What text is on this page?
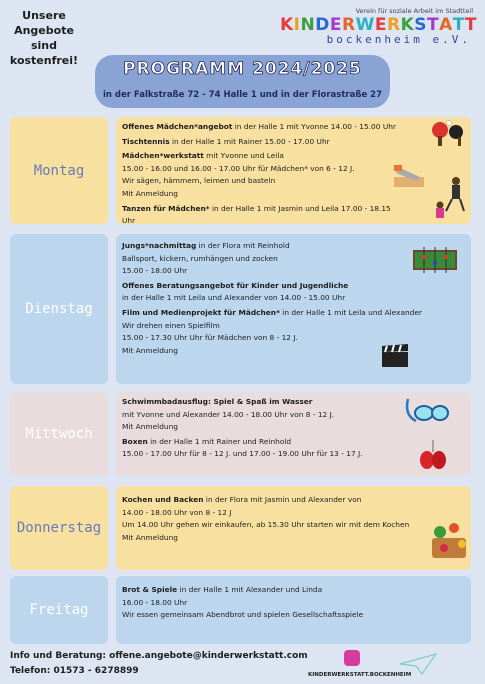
Unsere Angebote sind kostenfrei!
Verein für soziale Arbeit im Stadtteil
KINDERWERKSTATT
bockenheim e.V.
PROGRAMM 2024/2025
in der Falkstraße 72 - 74 Halle 1 und in der Florastraße 27
Montag
Offenes Mädchen*angebot in der Halle 1 mit Yvonne 14.00 - 15.00 Uhr
Tischtennis in der Halle 1 mit Rainer 15.00 - 17.00 Uhr
Mädchen*werkstatt mit Yvonne und Leila
15.00 - 16.00 und 16.00 - 17.00 Uhr für Mädchen* von 6 - 12 J.
Wir sägen, hämmern, leimen und basteln
Mit Anmeldung
Tanzen für Mädchen* in der Halle 1 mit Jasmin und Leila 17.00 - 18.15 Uhr
Dienstag
Jungs*nachmittag in der Flora mit Reinhold
Ballsport, kickern, rumhängen und zocken
15.00 - 18.00 Uhr
Offenes Beratungsangebot für Kinder und Jugendliche
in der Halle 1 mit Leila und Alexander von 14.00 - 15.00 Uhr
Film und Medienprojekt für Mädchen* in der Halle 1 mit Leila und Alexander
Wir drehen einen Spielfilm
15.00 - 17.30 Uhr Uhr für Mädchen von 8 - 12 J.
Mit Anmeldung
Mittwoch
Schwimmbadausflug: Spiel & Spaß im Wasser
mit Yvonne und Alexander 14.00 - 18.00 Uhr von 8 - 12 J.
Mit Anmeldung
Boxen in der Halle 1 mit Rainer und Reinhold
15.00 - 17.00 Uhr für 8 - 12 J. und 17.00 - 19.00 Uhr für 13 - 17 J.
Donnerstag
Kochen und Backen in der Flora mit Jasmin und Alexander von
14.00 - 18.00 Uhr von 8 - 12 J
Um 14.00 Uhr gehen wir einkaufen, ab 15.30 Uhr starten wir mit dem Kochen
Mit Anmeldung
Freitag
Brot & Spiele in der Halle 1 mit Alexander und Linda
16.00 - 18.00 Uhr
Wir essen gemeinsam Abendbrot und spielen Gesellschaftsspiele
Info und Beratung: offene.angebote@kinderwerkstatt.com
Telefon: 01573 - 6278899	KINDERWERKSTATT.BOCKENHEIM
